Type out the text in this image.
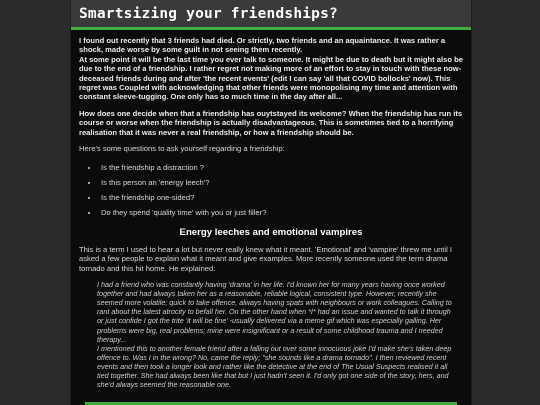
Smartsizing your friendships?

I found out recently that 3 friends had died. Or strictly, two friends and an aquaintance. It was rather a shock, made worse by some guilt in not seeing them recently.
At some point it will be the last time you ever talk to someone. It might be due to death but it might also be due to the end of a friendship. I rather regret not making more of an effort to stay in touch with these now-deceased friends during and after 'the recent events' (edit I can say 'all that COVID bollocks' now). This regret was Coupled with acknowledging that other friends were monopolising my time and attention with constant sleeve-tugging. One only has so much time in the day after all...

How does one decide when that a friendship has ouytstayed its welcome? When the friendship has run its course or worse when the friendship is actually disadvantageous. This is sometimes tied to a horrifying realisation that it was never a real friendship, or how a friendship should be.

Here's some questions to ask yourself regarding a friendship:

• Is the friendship a distraction ?
• Is this person an 'energy leech'?
• Is the friendship one-sided?
• Do they spend 'quality time' with you or just filler?
Energy leeches and emotional vampires

This is a term I used to hear a lot but never really knew what it meant. 'Emotional' and 'vampire' threw me until I asked a few people to explain what it meant and give examples. More recently someone used the term drama tornado and this hit home. He explained:

I had a friend who was constantly having 'drama' in her life. I'd known her for many years having once worked together and had always taken her as a reasonable, reliable logical, consistent type. However, recently she seemed more volatile; quick to take offence, always having spats with neighbours or work colleagues. Calling to rant about the latest atrocity to befall her. On the other hand when *I* had an issue and wanted to talk it through or just confide I got the trite 'it will be fine' -usually delivered via a meme gif which was especially galling. Her problems were big, real problems; mine were insignificant or a result of some childhood trauma and I needed therapy...

I mentioned this to another female friend after a falling out over some innocuous joke I'd make she's taken deep offence to. Was I in the wrong? No, came the reply; "she sounds like a drama tornado". I then reviewed recent events and then took a longer look and rather like the detective at the end of The Usual Suspects realised it all tied together. She had always been like that but I just hadn't seen it. I'd only got one side of the story, hers, and she'd always seemed the reasonable one.
